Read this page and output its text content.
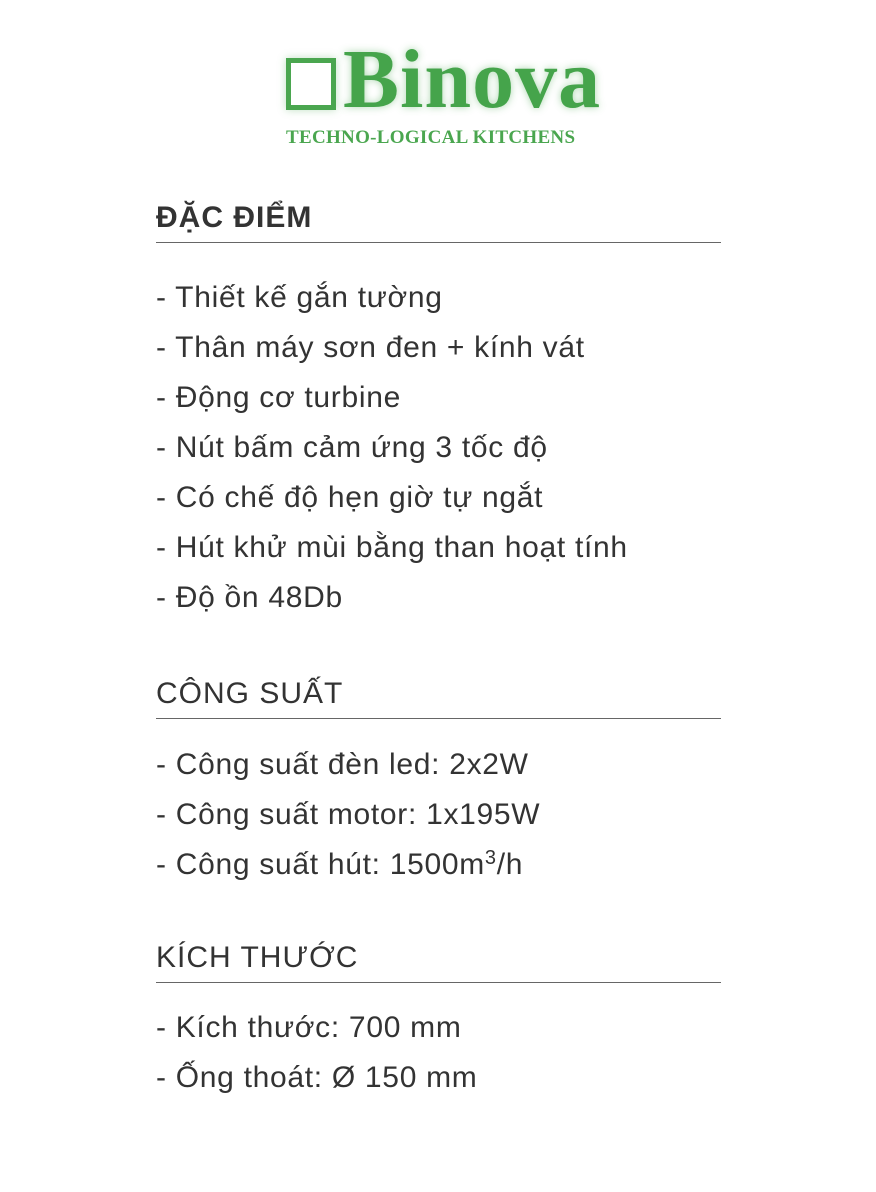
Binova
TECHNO-LOGICAL KITCHENS
ĐẶC ĐIỂM
- Thiết kế gắn tường
- Thân máy sơn đen + kính vát
- Động cơ turbine
- Nút bấm cảm ứng 3 tốc độ
- Có chế độ hẹn giờ tự ngắt
- Hút khử mùi bằng than hoạt tính
- Độ ồn 48Db
CÔNG SUẤT
- Công suất đèn led: 2x2W
- Công suất motor: 1x195W
- Công suất hút: $1500m^3/h$
KÍCH THƯỚC
- Kích thước: 700 mm
- Ống thoát: Ø 150 mm
